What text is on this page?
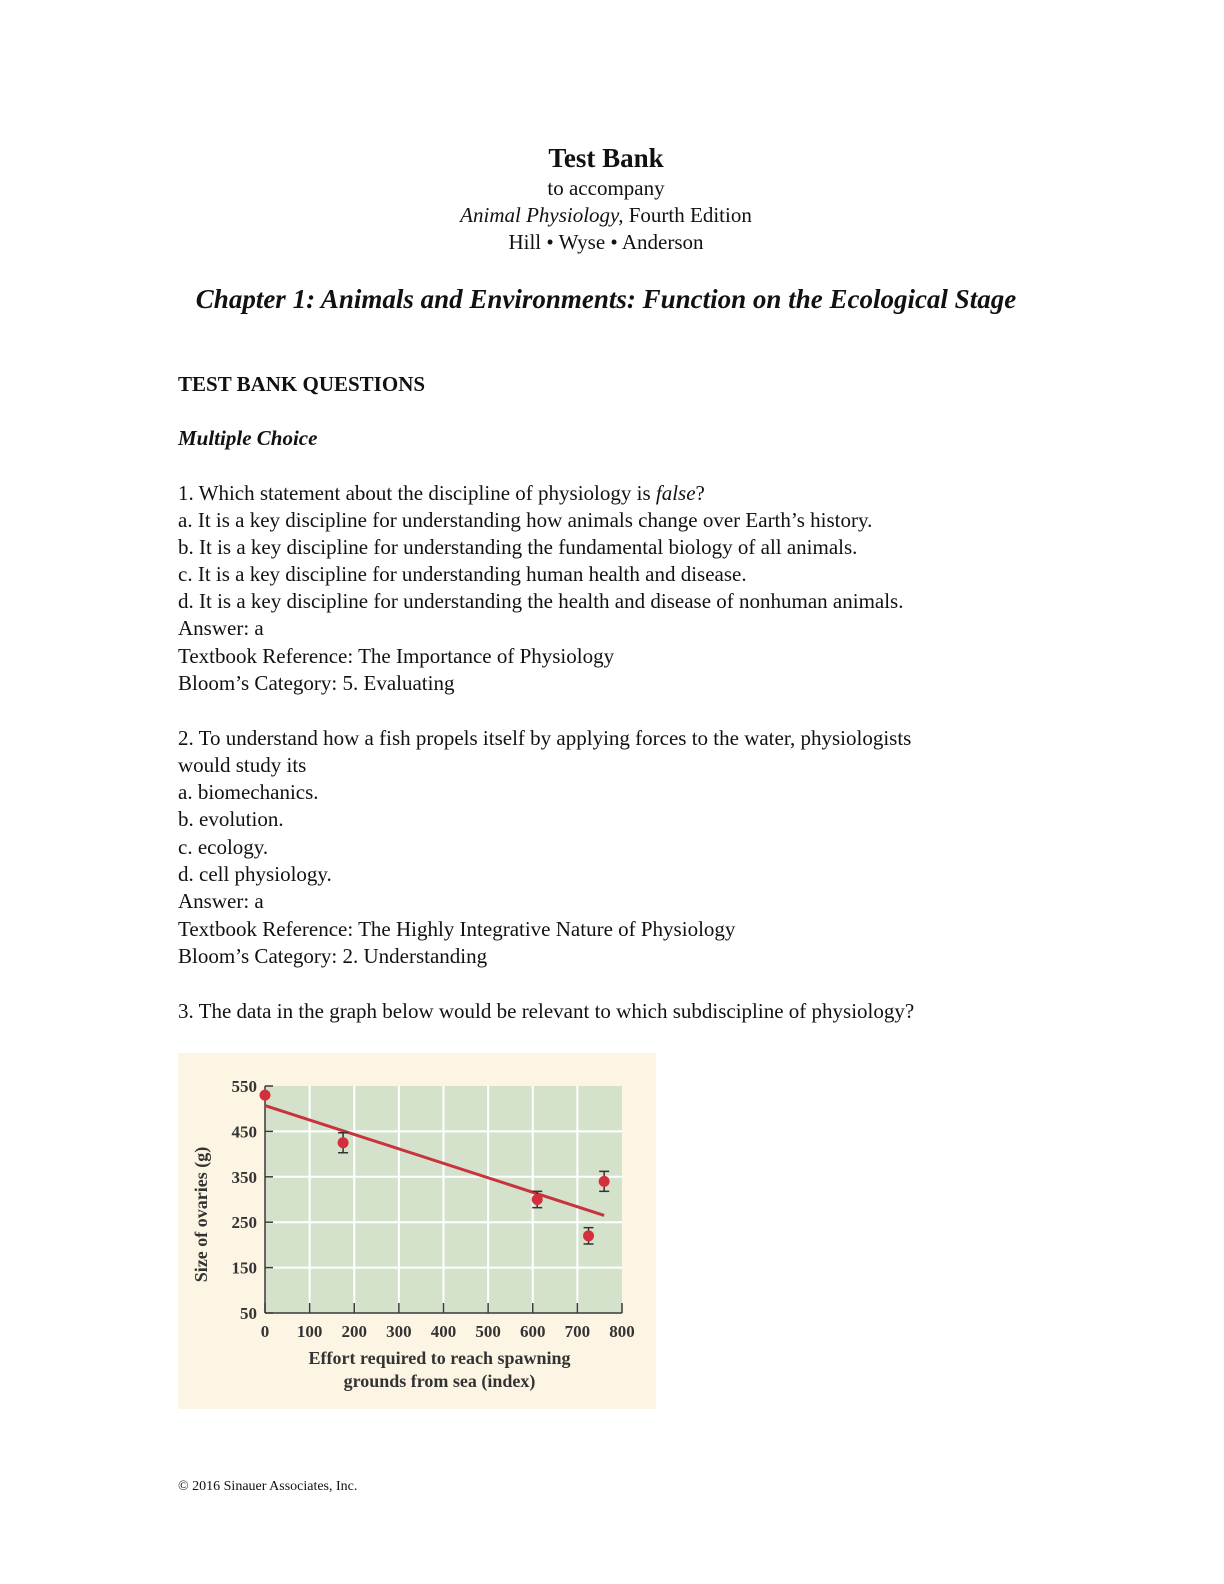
Test Bank
to accompany
Animal Physiology, Fourth Edition
Hill • Wyse • Anderson
Chapter 1: Animals and Environments: Function on the Ecological Stage
TEST BANK QUESTIONS
Multiple Choice
1. Which statement about the discipline of physiology is false?
a. It is a key discipline for understanding how animals change over Earth’s history.
b. It is a key discipline for understanding the fundamental biology of all animals.
c. It is a key discipline for understanding human health and disease.
d. It is a key discipline for understanding the health and disease of nonhuman animals.
Answer: a
Textbook Reference: The Importance of Physiology
Bloom’s Category: 5. Evaluating
2. To understand how a fish propels itself by applying forces to the water, physiologists
would study its
a. biomechanics.
b. evolution.
c. ecology.
d. cell physiology.
Answer: a
Textbook Reference: The Highly Integrative Nature of Physiology
Bloom’s Category: 2. Understanding
3. The data in the graph below would be relevant to which subdiscipline of physiology?
50
150
250
350
450
550
0 100 200 300 400 500 600 700 800
Effort required to reach spawning
grounds from sea (index)
Size of ovaries (g)
© 2016 Sinauer Associates, Inc.
